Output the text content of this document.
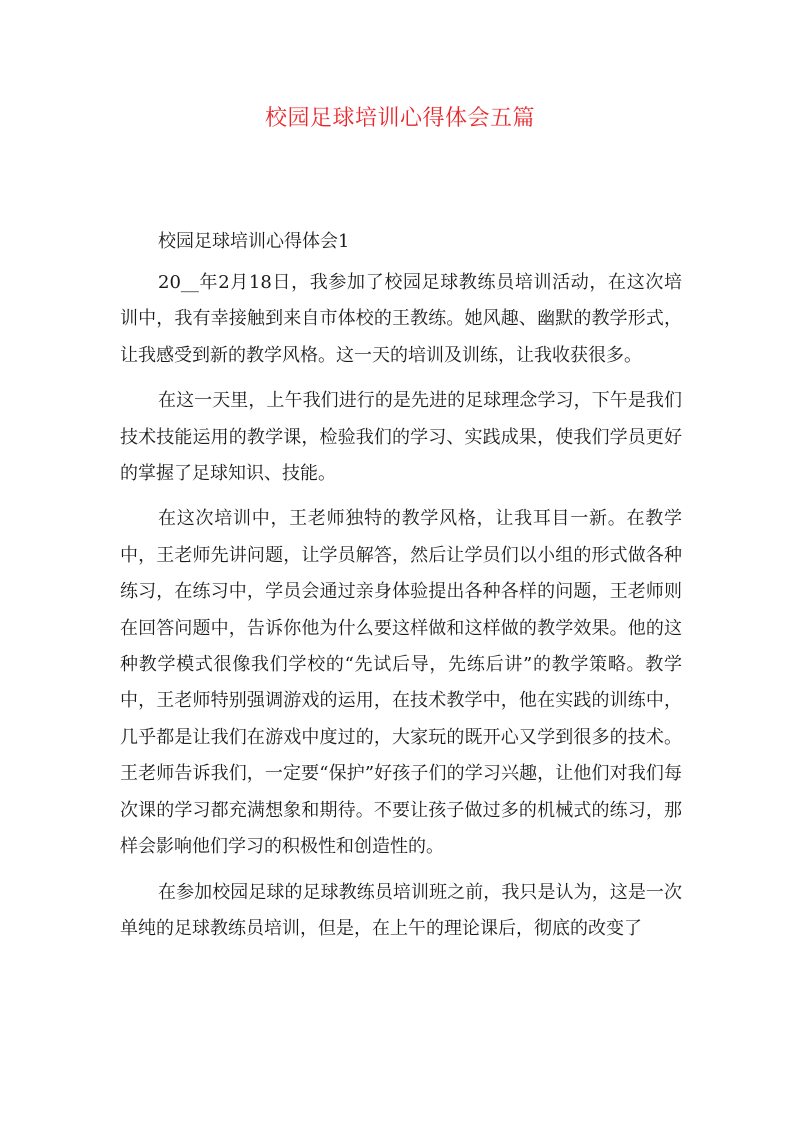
校园足球培训心得体会五篇

校园足球培训心得体会1

20__年2月18日，我参加了校园足球教练员培训活动，在这次培训中，我有幸接触到来自市体校的王教练。她风趣、幽默的教学形式，让我感受到新的教学风格。这一天的培训及训练，让我收获很多。

在这一天里，上午我们进行的是先进的足球理念学习，下午是我们技术技能运用的教学课，检验我们的学习、实践成果，使我们学员更好的掌握了足球知识、技能。

在这次培训中，王老师独特的教学风格，让我耳目一新。在教学中，王老师先讲问题，让学员解答，然后让学员们以小组的形式做各种练习，在练习中，学员会通过亲身体验提出各种各样的问题，王老师则在回答问题中，告诉你他为什么要这样做和这样做的教学效果。他的这种教学模式很像我们学校的“先试后导，先练后讲”的教学策略。教学中，王老师特别强调游戏的运用，在技术教学中，他在实践的训练中，几乎都是让我们在游戏中度过的，大家玩的既开心又学到很多的技术。王老师告诉我们，一定要“保护”好孩子们的学习兴趣，让他们对我们每次课的学习都充满想象和期待。不要让孩子做过多的机械式的练习，那样会影响他们学习的积极性和创造性的。

在参加校园足球的足球教练员培训班之前，我只是认为，这是一次单纯的足球教练员培训，但是，在上午的理论课后，彻底的改变了
